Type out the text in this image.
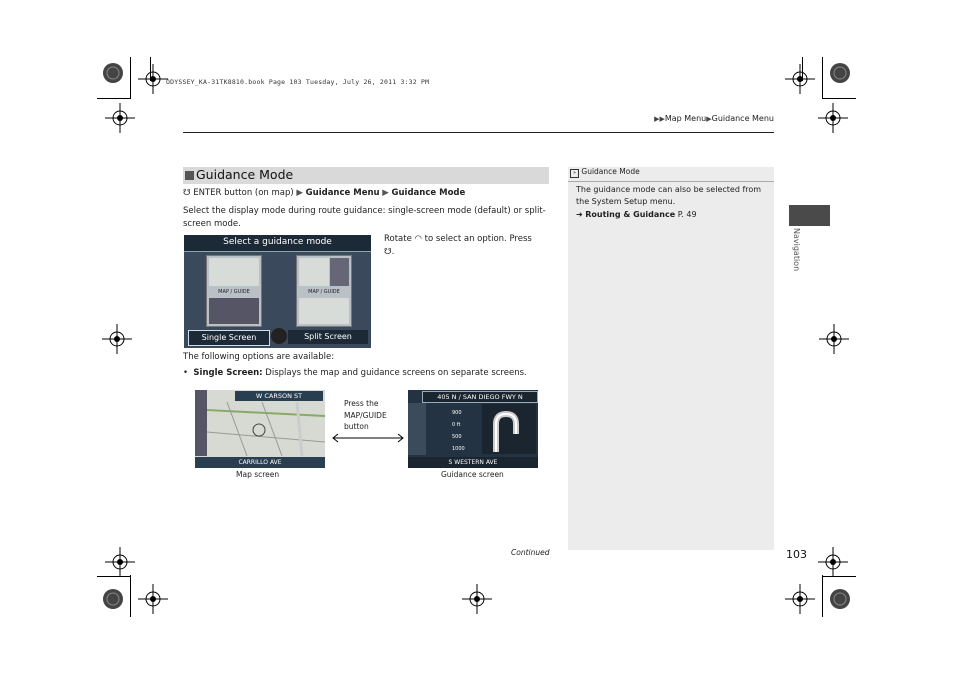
ODYSSEY_KA-31TK8810.book Page 103 Tuesday, July 26, 2011 3:32 PM
▶▶Map Menu▶Guidance Menu
Guidance Mode
☋ ENTER button (on map) ▶ Guidance Menu ▶ Guidance Mode
Select the display mode during route guidance: single-screen mode (default) or split-screen mode.
Select a guidance mode
MAP / GUIDE	MAP / GUIDE
Single Screen	Split Screen
Rotate ◠ to select an option. Press
☋.
The following options are available:
• Single Screen: Displays the map and guidance screens on separate screens.
W CARSON ST
CARRILLO AVE
Map screen
Press the
MAP/GUIDE
button
405 N / SAN DIEGO FWY N
900
0 ft
500
1000
S WESTERN AVE
Guidance screen
Continued
» Guidance Mode
The guidance mode can also be selected from the System Setup menu.
➜ Routing & Guidance P. 49
Navigation
103
